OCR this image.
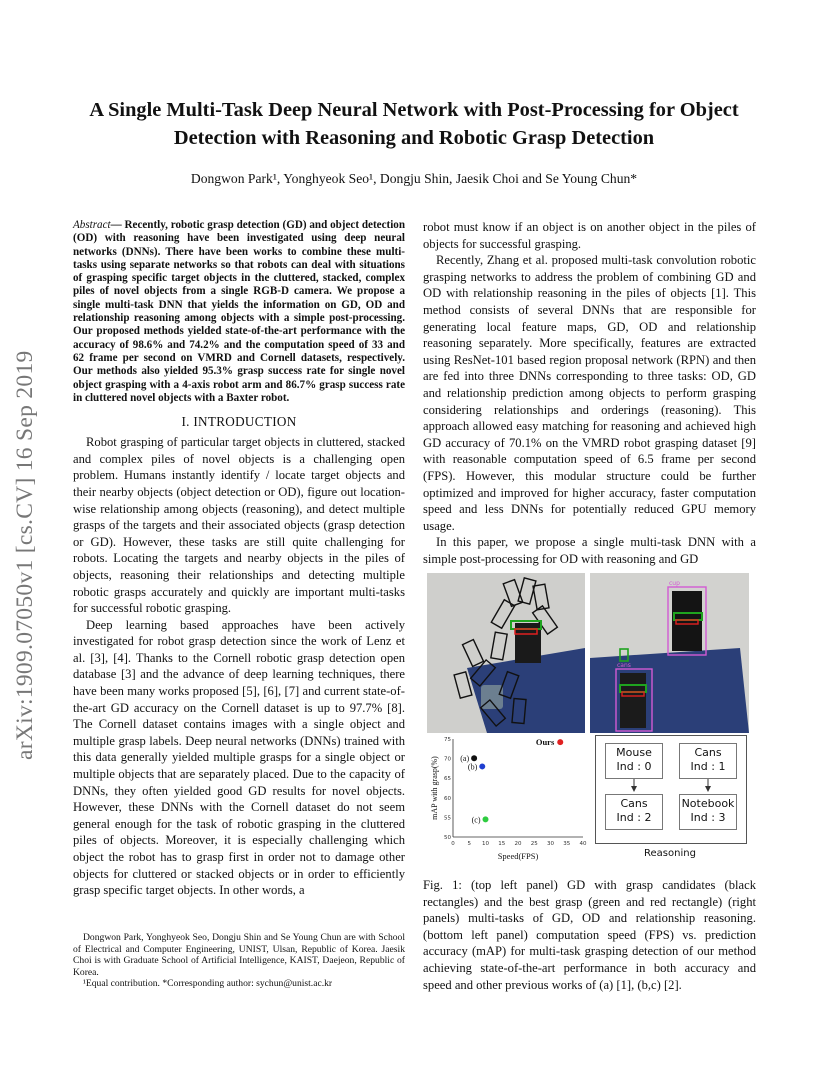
A Single Multi-Task Deep Neural Network with Post-Processing for Object Detection with Reasoning and Robotic Grasp Detection
Dongwon Park¹, Yonghyeok Seo¹, Dongju Shin, Jaesik Choi and Se Young Chun*
arXiv:1909.07050v1 [cs.CV] 16 Sep 2019
Abstract— Recently, robotic grasp detection (GD) and object detection (OD) with reasoning have been investigated using deep neural networks (DNNs). There have been works to combine these multi-tasks using separate networks so that robots can deal with situations of grasping specific target objects in the cluttered, stacked, complex piles of novel objects from a single RGB-D camera. We propose a single multi-task DNN that yields the information on GD, OD and relationship reasoning among objects with a simple post-processing. Our proposed methods yielded state-of-the-art performance with the accuracy of 98.6% and 74.2% and the computation speed of 33 and 62 frame per second on VMRD and Cornell datasets, respectively. Our methods also yielded 95.3% grasp success rate for single novel object grasping with a 4-axis robot arm and 86.7% grasp success rate in cluttered novel objects with a Baxter robot.
I. INTRODUCTION

Robot grasping of particular target objects in cluttered, stacked and complex piles of novel objects is a challenging open problem. Humans instantly identify / locate target objects and their nearby objects (object detection or OD), figure out location-wise relationship among objects (reasoning), and detect multiple grasps of the targets and their associated objects (grasp detection or GD). However, these tasks are still quite challenging for robots. Locating the targets and nearby objects in the piles of objects, reasoning their relationships and detecting multiple robotic grasps accurately and quickly are important multi-tasks for successful robotic grasping.

Deep learning based approaches have been actively investigated for robot grasp detection since the work of Lenz et al. [3], [4]. Thanks to the Cornell robotic grasp detection open database [3] and the advance of deep learning techniques, there have been many works proposed [5], [6], [7] and current state-of-the-art GD accuracy on the Cornell dataset is up to 97.7% [8]. The Cornell dataset contains images with a single object and multiple grasp labels. Deep neural networks (DNNs) trained with this data generally yielded multiple grasps for a single object or multiple objects that are separately placed. Due to the capacity of DNNs, they often yielded good GD results for novel objects. However, these DNNs with the Cornell dataset do not seem general enough for the task of robotic grasping in the cluttered piles of objects. Moreover, it is especially challenging which object the robot has to grasp first in order not to damage other objects for cluttered or stacked objects or in order to efficiently grasp specific target objects. In other words, a

Dongwon Park, Yonghyeok Seo, Dongju Shin and Se Young Chun are with School of Electrical and Computer Engineering, UNIST, Ulsan, Republic of Korea. Jaesik Choi is with Graduate School of Artificial Intelligence, KAIST, Daejeon, Republic of Korea.
¹Equal contribution. *Corresponding author: sychun@unist.ac.kr

robot must know if an object is on another object in the piles of objects for successful grasping.

Recently, Zhang et al. proposed multi-task convolution robotic grasping networks to address the problem of combining GD and OD with relationship reasoning in the piles of objects [1]. This method consists of several DNNs that are responsible for generating local feature maps, GD, OD and relationship reasoning separately. More specifically, features are extracted using ResNet-101 based region proposal network (RPN) and then are fed into three DNNs corresponding to three tasks: OD, GD and relationship prediction among objects to perform grasping considering relationships and orderings (reasoning). This approach allowed easy matching for reasoning and achieved high GD accuracy of 70.1% on the VMRD robot grasping dataset [9] with reasonable computation speed of 6.5 frame per second (FPS). However, this modular structure could be further optimized and improved for higher accuracy, faster computation speed and less DNNs for potentially reduced GPU memory usage.

In this paper, we propose a single multi-task DNN with a simple post-processing for OD with reasoning and GD

cup
cans
0 5 10 15 20 25 30 35 40
50
55
60
65
70
75
Speed(FPS)
mAP with grasp(%)
Ours
(a)
(b)
(c)
Mouse
Ind : 0
Cans
Ind : 1
Cans
Ind : 2
Notebook
Ind : 3
Reasoning
Fig. 1: (top left panel) GD with grasp candidates (black rectangles) and the best grasp (green and red rectangle) (right panels) multi-tasks of GD, OD and relationship reasoning. (bottom left panel) computation speed (FPS) vs. prediction accuracy (mAP) for multi-task grasping detection of our method achieving state-of-the-art performance in both accuracy and speed and other previous works of (a) [1], (b,c) [2].
